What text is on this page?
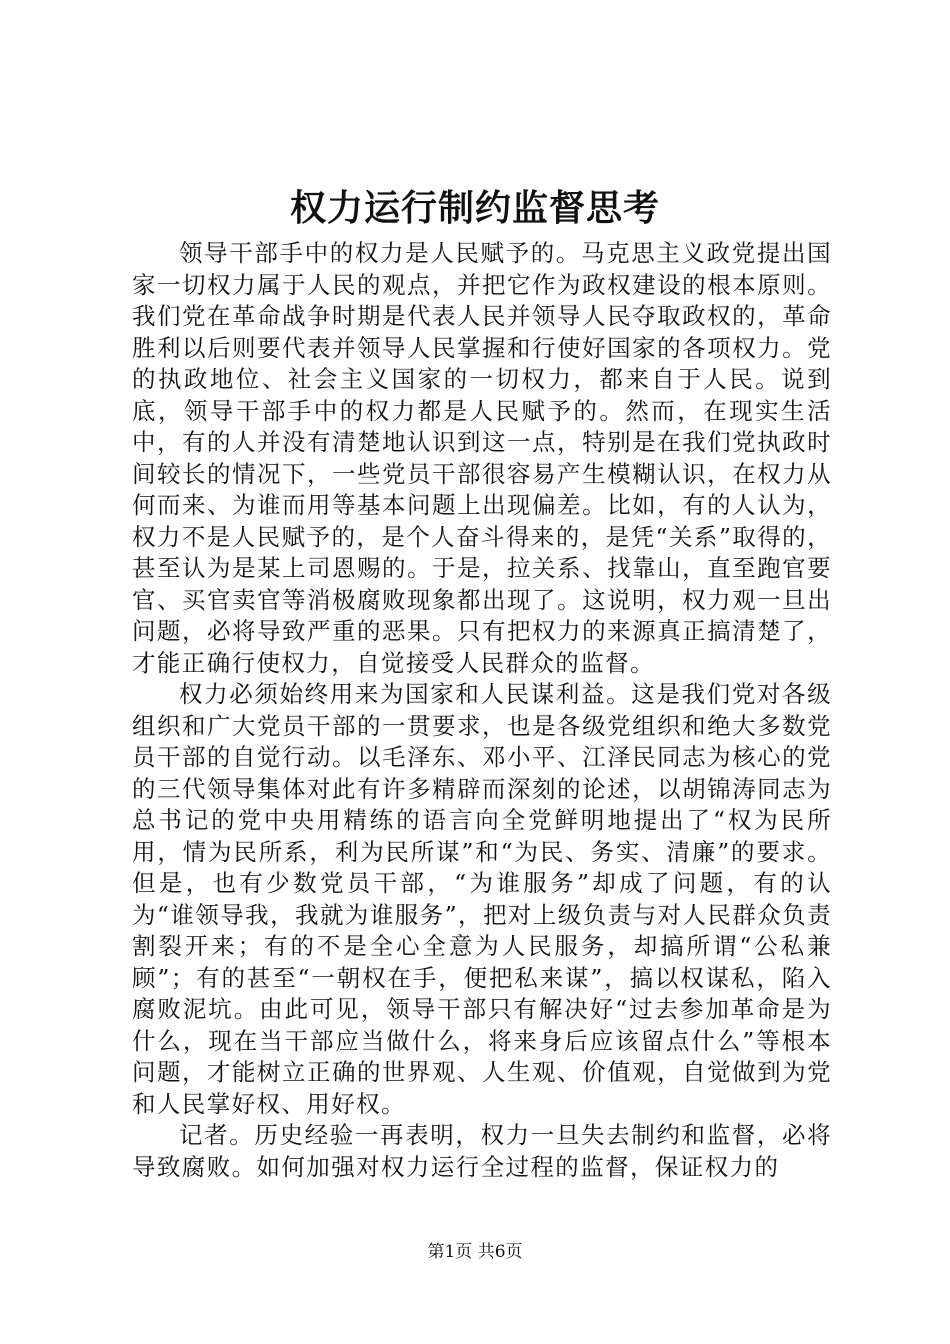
权力运行制约监督思考

领导干部手中的权力是人民赋予的。马克思主义政党提出国家一切权力属于人民的观点，并把它作为政权建设的根本原则。我们党在革命战争时期是代表人民并领导人民夺取政权的，革命胜利以后则要代表并领导人民掌握和行使好国家的各项权力。党的执政地位、社会主义国家的一切权力，都来自于人民。说到底，领导干部手中的权力都是人民赋予的。然而，在现实生活中，有的人并没有清楚地认识到这一点，特别是在我们党执政时间较长的情况下，一些党员干部很容易产生模糊认识，在权力从何而来、为谁而用等基本问题上出现偏差。比如，有的人认为，权力不是人民赋予的，是个人奋斗得来的，是凭“关系”取得的，甚至认为是某上司恩赐的。于是，拉关系、找靠山，直至跑官要官、买官卖官等消极腐败现象都出现了。这说明，权力观一旦出问题，必将导致严重的恶果。只有把权力的来源真正搞清楚了，才能正确行使权力，自觉接受人民群众的监督。

权力必须始终用来为国家和人民谋利益。这是我们党对各级组织和广大党员干部的一贯要求，也是各级党组织和绝大多数党员干部的自觉行动。以毛泽东、邓小平、江泽民同志为核心的党的三代领导集体对此有许多精辟而深刻的论述，以胡锦涛同志为总书记的党中央用精练的语言向全党鲜明地提出了“权为民所用，情为民所系，利为民所谋”和“为民、务实、清廉”的要求。但是，也有少数党员干部，“为谁服务”却成了问题，有的认为“谁领导我，我就为谁服务”，把对上级负责与对人民群众负责割裂开来；有的不是全心全意为人民服务，却搞所谓“公私兼顾”；有的甚至“一朝权在手，便把私来谋”，搞以权谋私，陷入腐败泥坑。由此可见，领导干部只有解决好“过去参加革命是为什么，现在当干部应当做什么，将来身后应该留点什么”等根本问题，才能树立正确的世界观、人生观、价值观，自觉做到为党和人民掌好权、用好权。

记者。历史经验一再表明，权力一旦失去制约和监督，必将导致腐败。如何加强对权力运行全过程的监督，保证权力的

第1页 共6页
